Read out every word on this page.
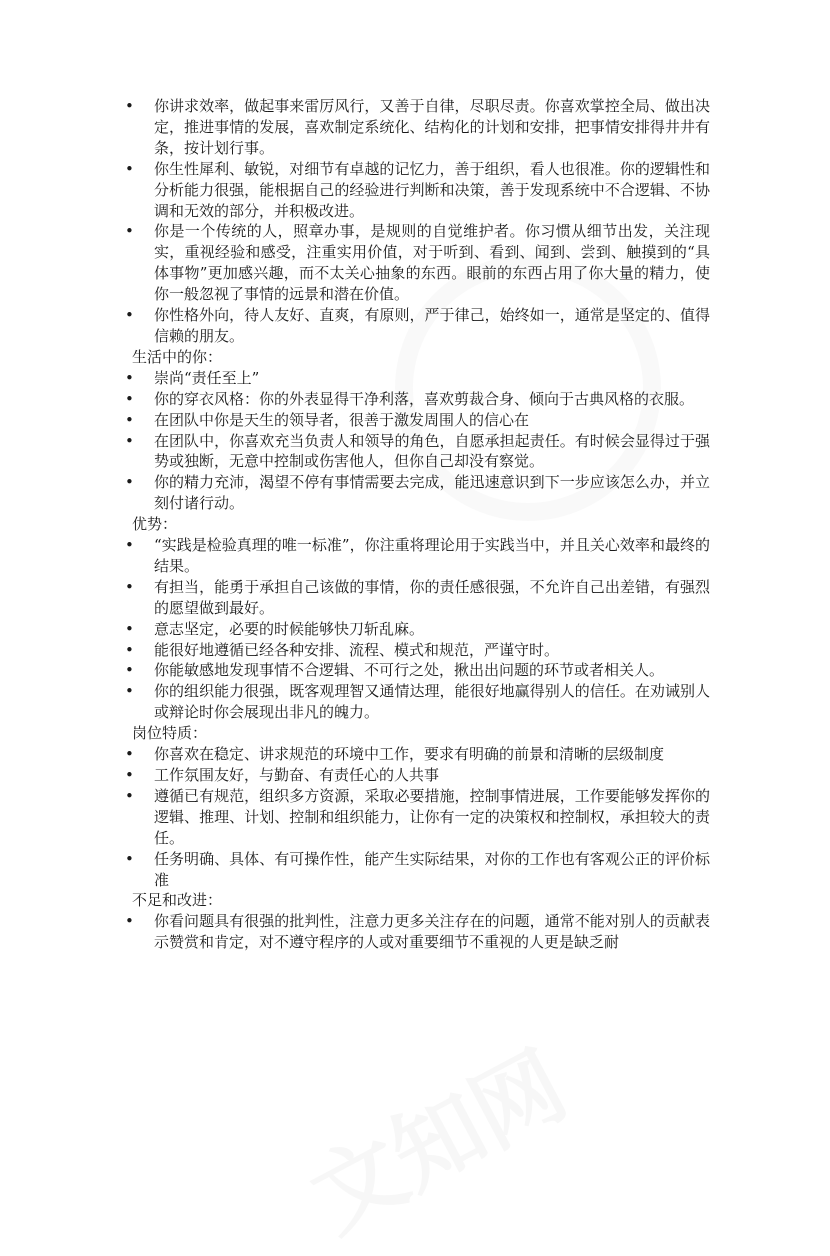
• 你讲求效率，做起事来雷厉风行，又善于自律，尽职尽责。你喜欢掌控全局、做出决定，推进事情的发展，喜欢制定系统化、结构化的计划和安排，把事情安排得井井有条，按计划行事。

• 你生性犀利、敏锐，对细节有卓越的记忆力，善于组织，看人也很准。你的逻辑性和分析能力很强，能根据自己的经验进行判断和决策，善于发现系统中不合逻辑、不协调和无效的部分，并积极改进。

• 你是一个传统的人，照章办事，是规则的自觉维护者。你习惯从细节出发，关注现实，重视经验和感受，注重实用价值，对于听到、看到、闻到、尝到、触摸到的“具体事物”更加感兴趣，而不太关心抽象的东西。眼前的东西占用了你大量的精力，使你一般忽视了事情的远景和潜在价值。

• 你性格外向，待人友好、直爽，有原则，严于律己，始终如一，通常是坚定的、值得信赖的朋友。

生活中的你：

• 崇尚“责任至上”

• 你的穿衣风格：你的外表显得干净利落，喜欢剪裁合身、倾向于古典风格的衣服。

• 在团队中你是天生的领导者，很善于激发周围人的信心在

• 在团队中，你喜欢充当负责人和领导的角色，自愿承担起责任。有时候会显得过于强势或独断，无意中控制或伤害他人，但你自己却没有察觉。

• 你的精力充沛，渴望不停有事情需要去完成，能迅速意识到下一步应该怎么办，并立刻付诸行动。

优势：

• “实践是检验真理的唯一标准”，你注重将理论用于实践当中，并且关心效率和最终的结果。

• 有担当，能勇于承担自己该做的事情，你的责任感很强，不允许自己出差错，有强烈的愿望做到最好。

• 意志坚定，必要的时候能够快刀斩乱麻。

• 能很好地遵循已经各种安排、流程、模式和规范，严谨守时。

• 你能敏感地发现事情不合逻辑、不可行之处，揪出出问题的环节或者相关人。

• 你的组织能力很强，既客观理智又通情达理，能很好地赢得别人的信任。在劝诫别人或辩论时你会展现出非凡的魄力。

岗位特质：

• 你喜欢在稳定、讲求规范的环境中工作，要求有明确的前景和清晰的层级制度

• 工作氛围友好，与勤奋、有责任心的人共事

• 遵循已有规范，组织多方资源，采取必要措施，控制事情进展，工作要能够发挥你的逻辑、推理、计划、控制和组织能力，让你有一定的决策权和控制权，承担较大的责任。

• 任务明确、具体、有可操作性，能产生实际结果，对你的工作也有客观公正的评价标准

不足和改进：

• 你看问题具有很强的批判性，注意力更多关注存在的问题，通常不能对别人的贡献表示赞赏和肯定，对不遵守程序的人或对重要细节不重视的人更是缺乏耐
